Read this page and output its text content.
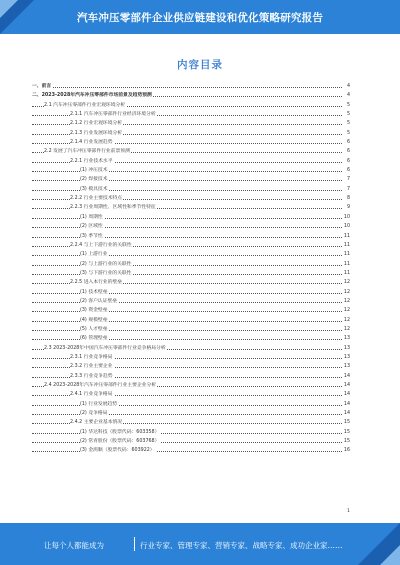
汽车冲压零部件企业供应链建设和优化策略研究报告
内容目录
一、前言	4
二、2023-2028年汽车冲压零部件市场前景及趋势预测	4
2.1 汽车冲压零部件行业宏观环境分析	5
2.1.1 汽车冲压零部件行业经济环境分析	5
2.1.2 行业宏观环境分析	5
2.1.3 行业发展环境分析	5
2.1.4 行业发展趋势	6
2.2 发展了汽车冲压零部件行业前景预测	6
2.2.1 行业技术水平	6
(1) 冲压技术	6
(2) 焊接技术	7
(3) 模具技术	7
2.2.2 行业主要技术特点	8
2.2.3 行业周期性、区域性和季节性特征	9
(1) 周期性	10
(2) 区域性	10
(3) 季节性	11
2.2.4 与上下游行业的关联性	11
(1) 上游行业	11
(2) 与上游行业的关联性	11
(3) 与下游行业的关联性	11
2.2.5 进入本行业的壁垒	12
(1) 技术壁垒	12
(2) 客户认证壁垒	12
(3) 资金壁垒	12
(4) 规模壁垒	12
(5) 人才壁垒	12
(6) 管理壁垒	13
2.3 2023-2028年中国汽车冲压零部件行业竞争格局分析	13
2.3.1 行业竞争格局	13
2.3.2 行业主要企业	13
2.3.3 行业竞争趋势	14
2.4 2023-2028年汽车冲压零部件行业主要企业分析	14
2.4.1 行业竞争格局	14
(1) 行业发展趋势	14
(2) 竞争格局	14
2.4.2 主要企业基本情况	15
(1) 华达科技（股票代码：603358）	15
(2) 常青股份（股票代码：603768）	15
(3) 金鸿顺（股票代码：603922）	16
1
让每个人都能成为	行业专家、管理专家、营销专家、战略专家、成功企业家……
